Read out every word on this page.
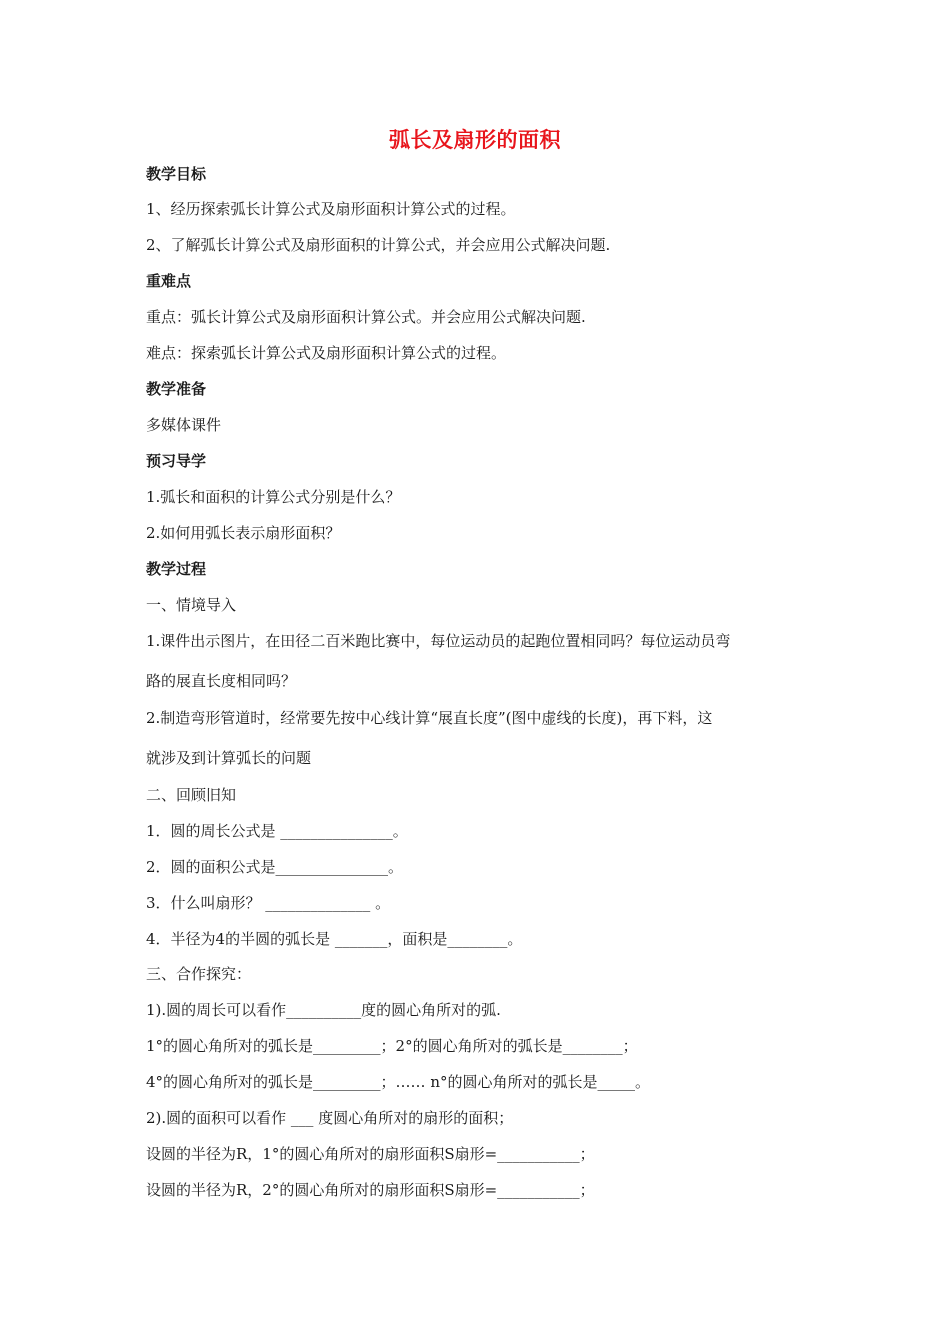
弧长及扇形的面积
教学目标
1、经历探索弧长计算公式及扇形面积计算公式的过程。
2、了解弧长计算公式及扇形面积的计算公式，并会应用公式解决问题.
重难点
重点：弧长计算公式及扇形面积计算公式。并会应用公式解决问题.
难点：探索弧长计算公式及扇形面积计算公式的过程。
教学准备
多媒体课件
预习导学
1.弧长和面积的计算公式分别是什么？
2.如何用弧长表示扇形面积？
教学过程
一、情境导入
1.课件出示图片，在田径二百米跑比赛中，每位运动员的起跑位置相同吗？每位运动员弯
路的展直长度相同吗？
2.制造弯形管道时，经常要先按中心线计算“展直长度”(图中虚线的长度)，再下料，这
就涉及到计算弧长的问题
二、回顾旧知
1．圆的周长公式是 _______________。
2．圆的面积公式是_______________。
3．什么叫扇形？ ______________ 。
4．半径为4的半圆的弧长是 _______，面积是________。
三、合作探究：
1).圆的周长可以看作__________度的圆心角所对的弧.
1°的圆心角所对的弧长是_________；2°的圆心角所对的弧长是________；
4°的圆心角所对的弧长是_________；…… n°的圆心角所对的弧长是_____。
2).圆的面积可以看作 ___ 度圆心角所对的扇形的面积；
设圆的半径为R，1°的圆心角所对的扇形面积S扇形=___________；
设圆的半径为R，2°的圆心角所对的扇形面积S扇形=___________；
